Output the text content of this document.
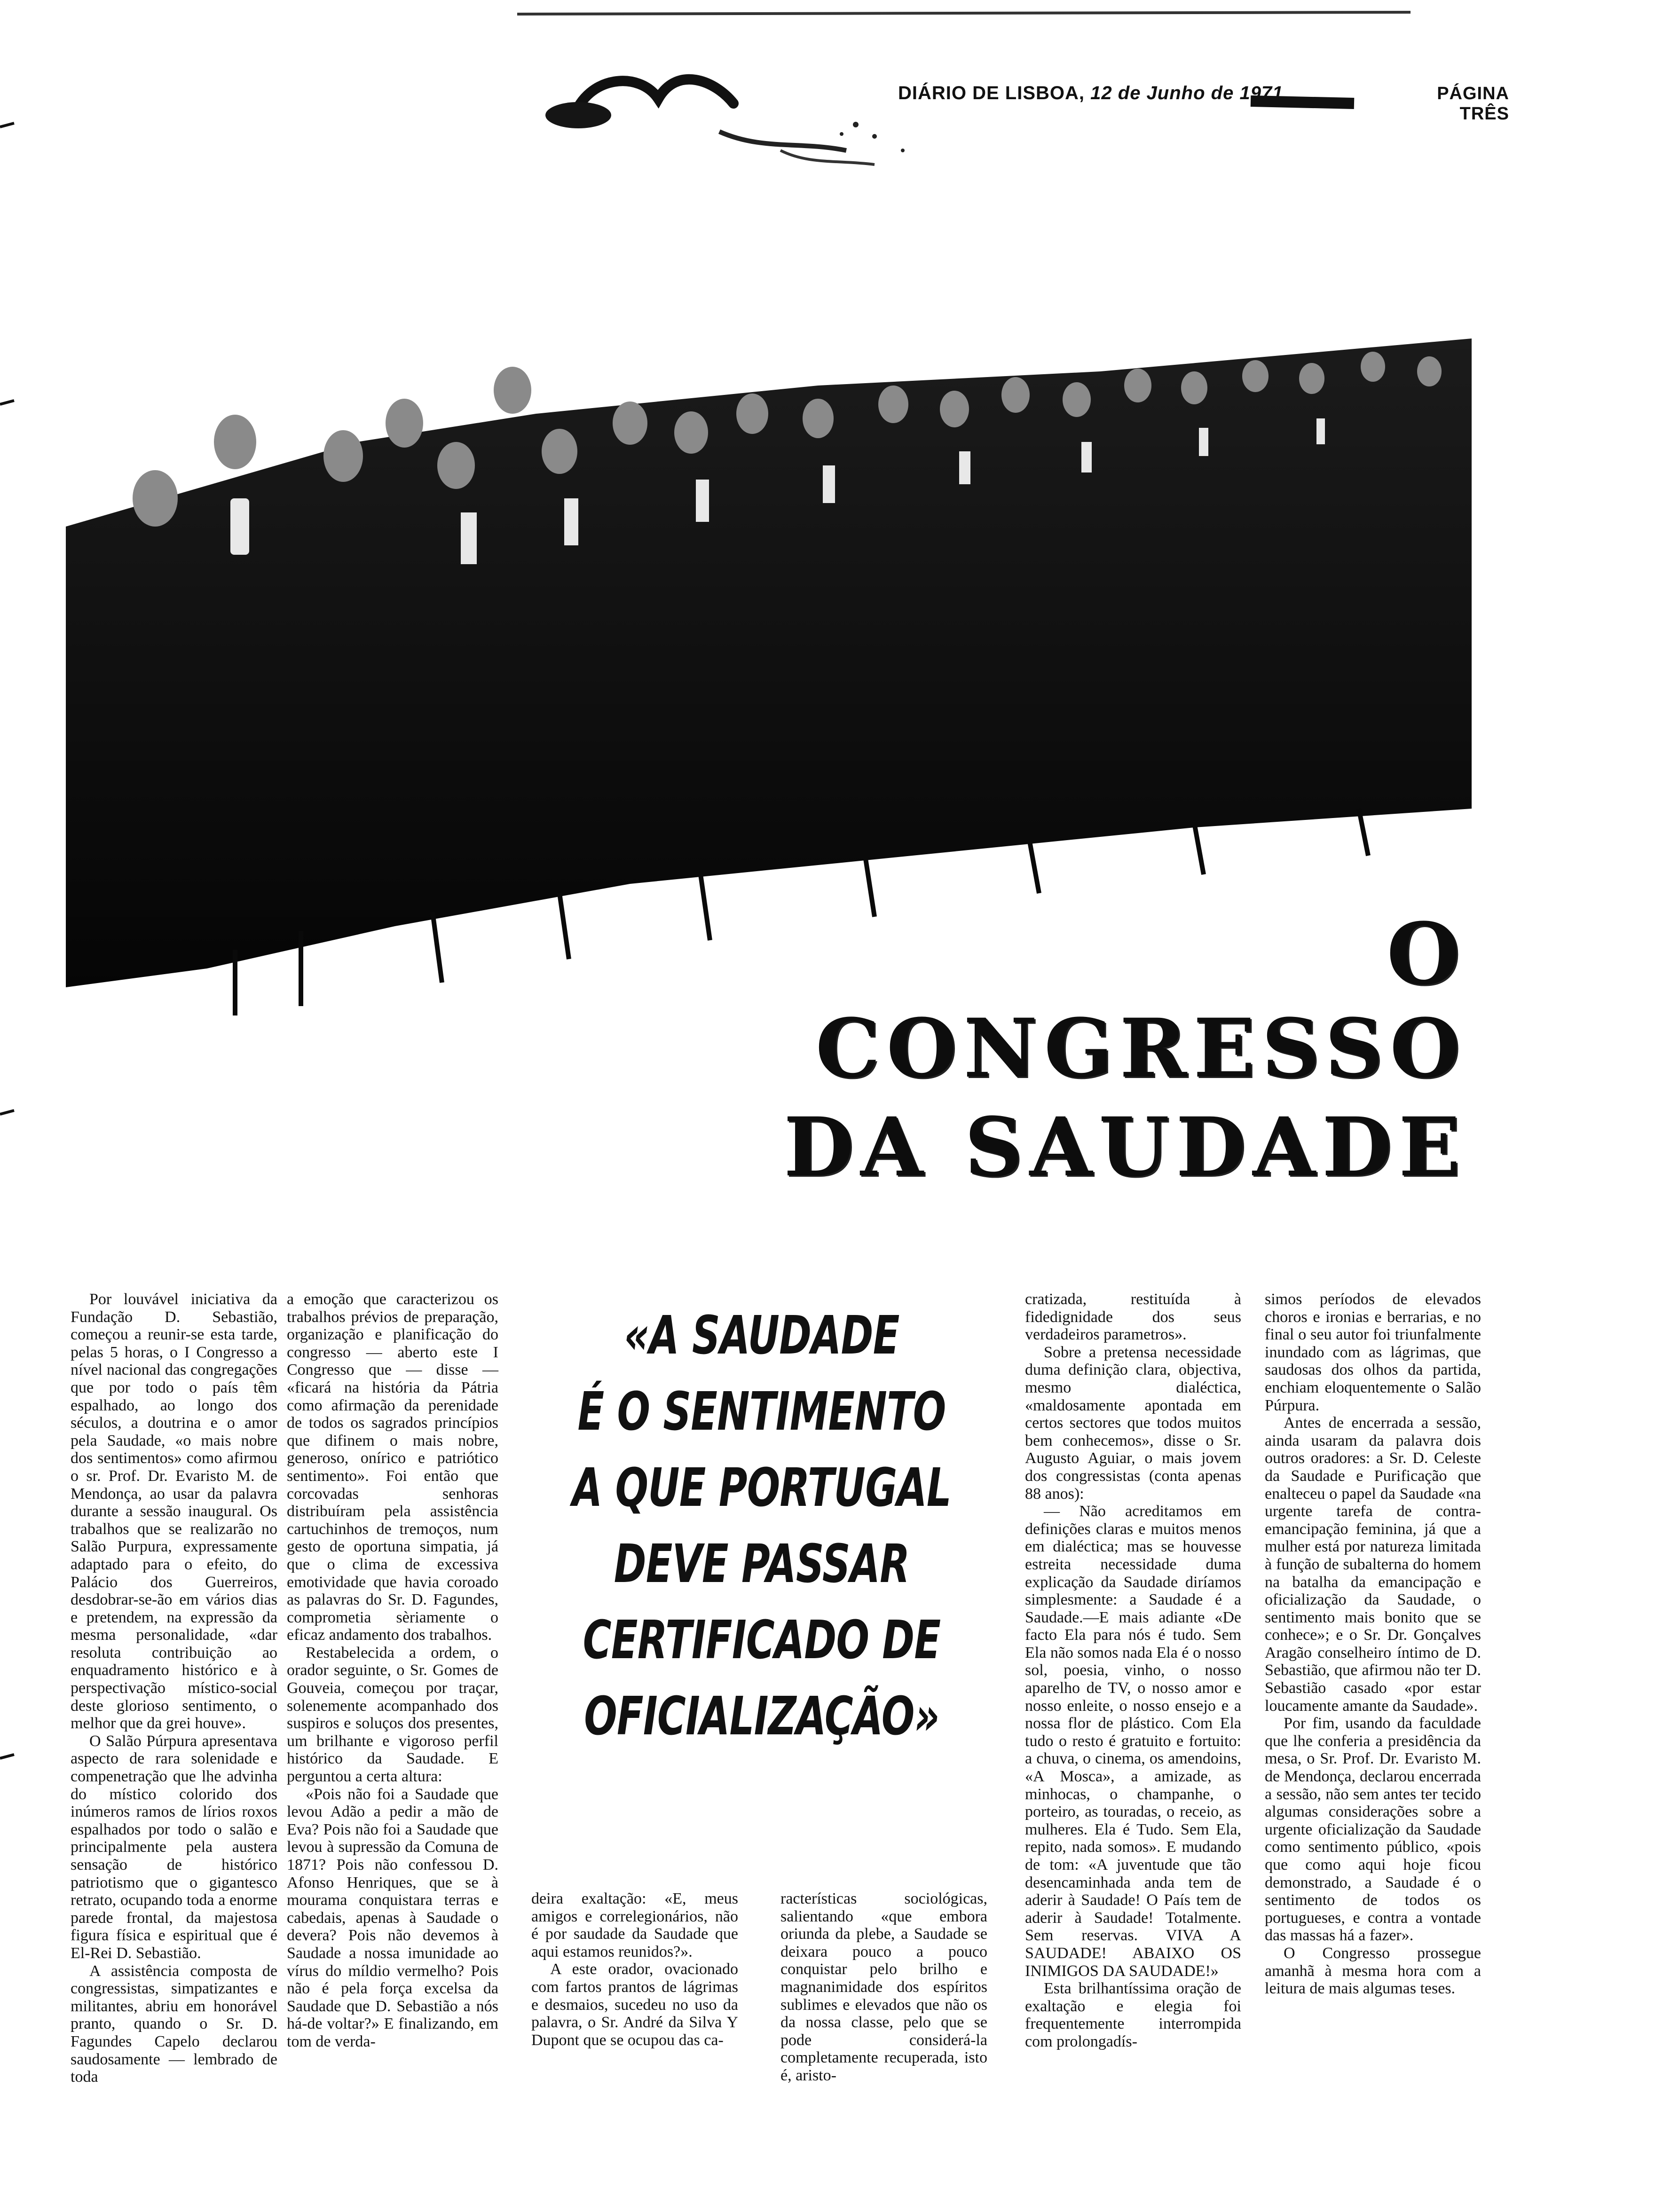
DIÁRIO DE LISBOA, 12 de Junho de 1971	PÁGINA TRÊS
O
CONGRESSO
DA SAUDADE
«A SAUDADE
É O SENTIMENTO
A QUE PORTUGAL
DEVE PASSAR
CERTIFICADO DE
OFICIALIZAÇÃO»

Por louvável iniciativa da Fundação D. Sebastião, começou a reunir-se esta tarde, pelas 5 horas, o I Congresso a nível nacional das congregações que por todo o país têm espalhado, ao longo dos séculos, a doutrina e o amor pela Saudade, «o mais nobre dos sentimentos» como afirmou o sr. Prof. Dr. Evaristo M. de Mendonça, ao usar da palavra durante a sessão inaugural. Os trabalhos que se realizarão no Salão Purpura, expressamente adaptado para o efeito, do Palácio dos Guerreiros, desdobrar-se-ão em vários dias e pretendem, na expressão da mesma personalidade, «dar resoluta contribuição ao enquadramento histórico e à perspectivação místico-social deste glorioso sentimento, o melhor que da grei houve».

O Salão Púrpura apresentava aspecto de rara solenidade e compenetração que lhe advinha do místico colorido dos inúmeros ramos de lírios roxos espalhados por todo o salão e principalmente pela austera sensação de histórico patriotismo que o gigantesco retrato, ocupando toda a enorme parede frontal, da majestosa figura física e espiritual que é El-Rei D. Sebastião.

A assistência composta de congressistas, simpatizantes e militantes, abriu em honorável pranto, quando o Sr. D. Fagundes Capelo declarou saudosamente — lembrado de toda

a emoção que caracterizou os trabalhos prévios de preparação, organização e planificação do congresso — aberto este I Congresso que — disse — «ficará na história da Pátria como afirmação da perenidade de todos os sagrados princípios que difinem o mais nobre, generoso, onírico e patriótico sentimento». Foi então que corcovadas senhoras distribuíram pela assistência cartuchinhos de tremoços, num gesto de oportuna simpatia, já que o clima de excessiva emotividade que havia coroado as palavras do Sr. D. Fagundes, comprometia sèriamente o eficaz andamento dos trabalhos.

Restabelecida a ordem, o orador seguinte, o Sr. Gomes de Gouveia, começou por traçar, solenemente acompanhado dos suspiros e soluços dos presentes, um brilhante e vigoroso perfil histórico da Saudade. E perguntou a certa altura:

«Pois não foi a Saudade que levou Adão a pedir a mão de Eva? Pois não foi a Saudade que levou à supressão da Comuna de 1871? Pois não confessou D. Afonso Henriques, que se à mourama conquistara terras e cabedais, apenas à Saudade o devera? Pois não devemos à Saudade a nossa imunidade ao vírus do míldio vermelho? Pois não é pela força excelsa da Saudade que D. Sebastião a nós há-de voltar?» E finalizando, em tom de verda-

deira exaltação: «E, meus amigos e correlegionários, não é por saudade da Saudade que aqui estamos reunidos?».

A este orador, ovacionado com fartos prantos de lágrimas e desmaios, sucedeu no uso da palavra, o Sr. André da Silva Y Dupont que se ocupou das ca-

racterísticas sociológicas, salientando «que embora oriunda da plebe, a Saudade se deixara pouco a pouco conquistar pelo brilho e magnanimidade dos espíritos sublimes e elevados que não os da nossa classe, pelo que se pode considerá-la completamente recuperada, isto é, aristo-

cratizada, restituída à fidedignidade dos seus verdadeiros parametros».

Sobre a pretensa necessidade duma definição clara, objectiva, mesmo dialéctica, «maldosamente apontada em certos sectores que todos muitos bem conhecemos», disse o Sr. Augusto Aguiar, o mais jovem dos congressistas (conta apenas 88 anos):

— Não acreditamos em definições claras e muitos menos em dialéctica; mas se houvesse estreita necessidade duma explicação da Saudade diríamos simplesmente: a Saudade é a Saudade.—E mais adiante «De facto Ela para nós é tudo. Sem Ela não somos nada Ela é o nosso sol, poesia, vinho, o nosso aparelho de TV, o nosso amor e nosso enleite, o nosso ensejo e a nossa flor de plástico. Com Ela tudo o resto é gratuito e fortuito: a chuva, o cinema, os amendoins, «A Mosca», a amizade, as minhocas, o champanhe, o porteiro, as touradas, o receio, as mulheres. Ela é Tudo. Sem Ela, repito, nada somos». E mudando de tom: «A juventude que tão desencaminhada anda tem de aderir à Saudade! O País tem de aderir à Saudade! Totalmente. Sem reservas. VIVA A SAUDADE! ABAIXO OS INIMIGOS DA SAUDADE!»

Esta brilhantíssima oração de exaltação e elegia foi frequentemente interrompida com prolongadís-

simos períodos de elevados choros e ironias e berrarias, e no final o seu autor foi triunfalmente inundado com as lágrimas, que saudosas dos olhos da partida, enchiam eloquentemente o Salão Púrpura.

Antes de encerrada a sessão, ainda usaram da palavra dois outros oradores: a Sr. D. Celeste da Saudade e Purificação que enalteceu o papel da Saudade «na urgente tarefa de contra-emancipação feminina, já que a mulher está por natureza limitada à função de subalterna do homem na batalha da emancipação e oficialização da Saudade, o sentimento mais bonito que se conhece»; e o Sr. Dr. Gonçalves Aragão conselheiro íntimo de D. Sebastião, que afirmou não ter D. Sebastião casado «por estar loucamente amante da Saudade».

Por fim, usando da faculdade que lhe conferia a presidência da mesa, o Sr. Prof. Dr. Evaristo M. de Mendonça, declarou encerrada a sessão, não sem antes ter tecido algumas considerações sobre a urgente oficialização da Saudade como sentimento público, «pois que como aqui hoje ficou demonstrado, a Saudade é o sentimento de todos os portugueses, e contra a vontade das massas há a fazer».

O Congresso prossegue amanhã à mesma hora com a leitura de mais algumas teses.
